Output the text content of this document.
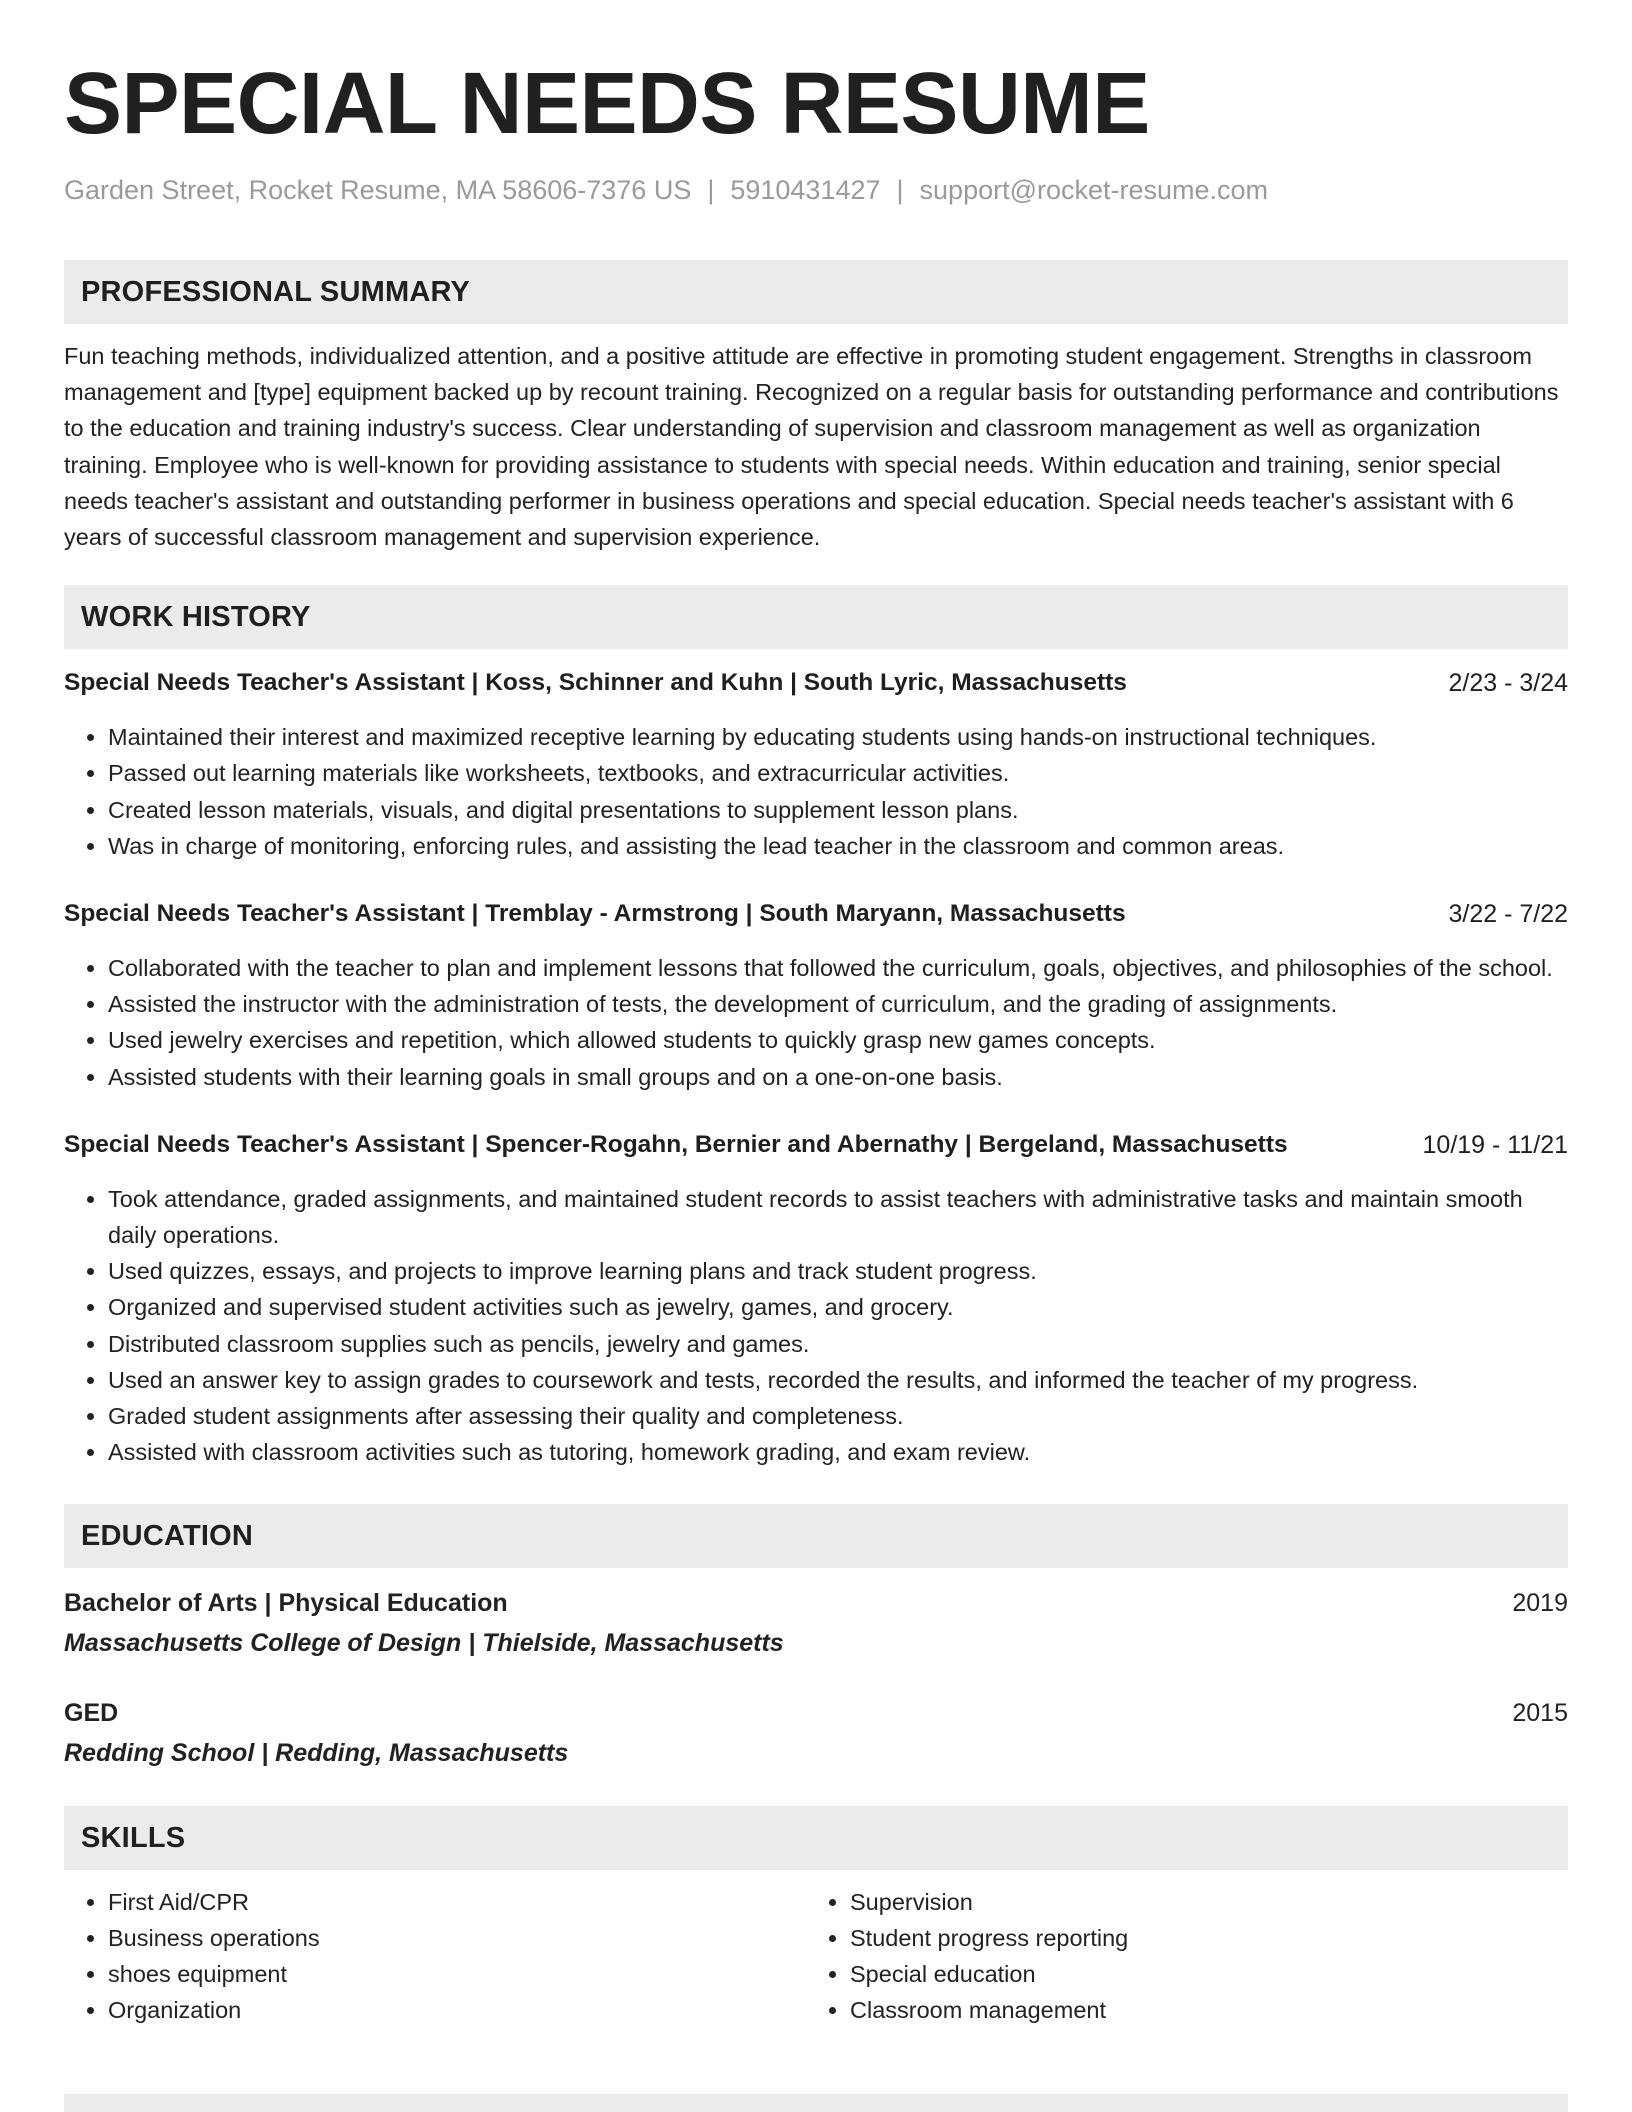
SPECIAL NEEDS RESUME
Garden Street, Rocket Resume, MA 58606-7376 US | 5910431427 | support@rocket-resume.com
PROFESSIONAL SUMMARY
Fun teaching methods, individualized attention, and a positive attitude are effective in promoting student engagement. Strengths in classroom management and [type] equipment backed up by recount training. Recognized on a regular basis for outstanding performance and contributions to the education and training industry's success. Clear understanding of supervision and classroom management as well as organization training. Employee who is well-known for providing assistance to students with special needs. Within education and training, senior special needs teacher's assistant and outstanding performer in business operations and special education. Special needs teacher's assistant with 6 years of successful classroom management and supervision experience.
WORK HISTORY
Special Needs Teacher's Assistant | Koss, Schinner and Kuhn | South Lyric, Massachusetts	2/23 - 3/24
• Maintained their interest and maximized receptive learning by educating students using hands-on instructional techniques.
• Passed out learning materials like worksheets, textbooks, and extracurricular activities.
• Created lesson materials, visuals, and digital presentations to supplement lesson plans.
• Was in charge of monitoring, enforcing rules, and assisting the lead teacher in the classroom and common areas.
Special Needs Teacher's Assistant | Tremblay - Armstrong | South Maryann, Massachusetts	3/22 - 7/22
• Collaborated with the teacher to plan and implement lessons that followed the curriculum, goals, objectives, and philosophies of the school.
• Assisted the instructor with the administration of tests, the development of curriculum, and the grading of assignments.
• Used jewelry exercises and repetition, which allowed students to quickly grasp new games concepts.
• Assisted students with their learning goals in small groups and on a one-on-one basis.
Special Needs Teacher's Assistant | Spencer-Rogahn, Bernier and Abernathy | Bergeland, Massachusetts	10/19 - 11/21
• Took attendance, graded assignments, and maintained student records to assist teachers with administrative tasks and maintain smooth daily operations.
• Used quizzes, essays, and projects to improve learning plans and track student progress.
• Organized and supervised student activities such as jewelry, games, and grocery.
• Distributed classroom supplies such as pencils, jewelry and games.
• Used an answer key to assign grades to coursework and tests, recorded the results, and informed the teacher of my progress.
• Graded student assignments after assessing their quality and completeness.
• Assisted with classroom activities such as tutoring, homework grading, and exam review.
EDUCATION
Bachelor of Arts | Physical Education	2019
Massachusetts College of Design | Thielside, Massachusetts
GED	2015
Redding School | Redding, Massachusetts
SKILLS
• First Aid/CPR
• Business operations
• shoes equipment
• Organization
• Supervision
• Student progress reporting
• Special education
• Classroom management
